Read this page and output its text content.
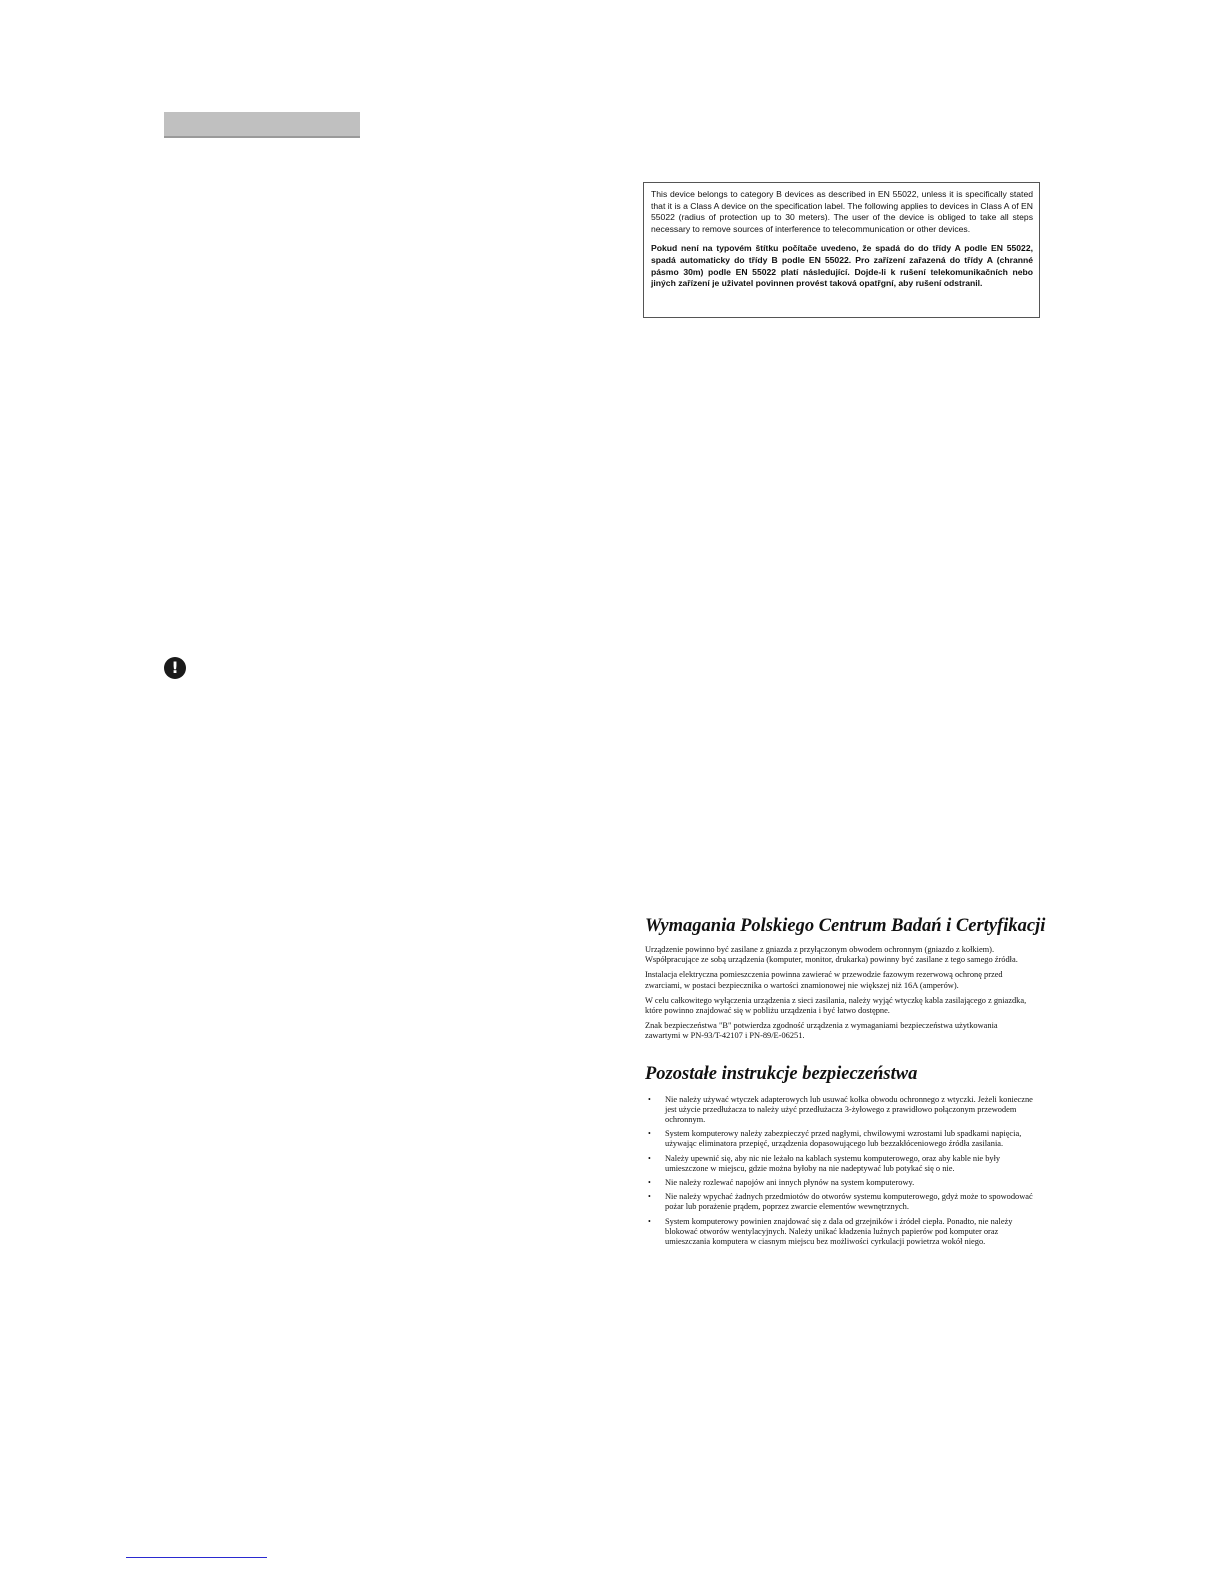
This device belongs to category B devices as described in EN 55022, unless it is specifically stated that it is a Class A device on the specification label. The following applies to devices in Class A of EN 55022 (radius of protection up to 30 meters). The user of the device is obliged to take all steps necessary to remove sources of interference to telecommunication or other devices.

Pokud není na typovém štítku počítače uvedeno, že spadá do do třídy A podle EN 55022, spadá automaticky do třídy B podle EN 55022. Pro zařízení zařazená do třídy A (chranné pásmo 30m) podle EN 55022 platí následující. Dojde-li k rušení telekomunikačních nebo jiných zařízení je uživatel povinnen provést taková opatřgní, aby rušení odstranil.

!
Wymagania Polskiego Centrum Badań i Certyfikacji

Urządzenie powinno być zasilane z gniazda z przyłączonym obwodem ochronnym (gniazdo z kołkiem). Współpracujące ze sobą urządzenia (komputer, monitor, drukarka) powinny być zasilane z tego samego źródła.

Instalacja elektryczna pomieszczenia powinna zawierać w przewodzie fazowym rezerwową ochronę przed zwarciami, w postaci bezpiecznika o wartości znamionowej nie większej niż 16A (amperów).

W celu całkowitego wyłączenia urządzenia z sieci zasilania, należy wyjąć wtyczkę kabla zasilającego z gniazdka, które powinno znajdować się w pobliżu urządzenia i być łatwo dostępne.

Znak bezpieczeństwa "B" potwierdza zgodność urządzenia z wymaganiami bezpieczeństwa użytkowania zawartymi w PN-93/T-42107 i PN-89/E-06251.

Pozostałe instrukcje bezpieczeństwa
• Nie należy używać wtyczek adapterowych lub usuwać kołka obwodu ochronnego z wtyczki. Jeżeli konieczne jest użycie przedłużacza to należy użyć przedłużacza 3-żyłowego z prawidłowo połączonym przewodem ochronnym.
• System komputerowy należy zabezpieczyć przed nagłymi, chwilowymi wzrostami lub spadkami napięcia, używając eliminatora przepięć, urządzenia dopasowującego lub bezzakłóceniowego źródła zasilania.
• Należy upewnić się, aby nic nie leżało na kablach systemu komputerowego, oraz aby kable nie były umieszczone w miejscu, gdzie można byłoby na nie nadeptywać lub potykać się o nie.
• Nie należy rozlewać napojów ani innych płynów na system komputerowy.
• Nie należy wpychać żadnych przedmiotów do otworów systemu komputerowego, gdyż może to spowodować pożar lub porażenie prądem, poprzez zwarcie elementów wewnętrznych.
• System komputerowy powinien znajdować się z dala od grzejników i źródeł ciepła. Ponadto, nie należy blokować otworów wentylacyjnych. Należy unikać kładzenia luźnych papierów pod komputer oraz umieszczania komputera w ciasnym miejscu bez możliwości cyrkulacji powietrza wokół niego.
